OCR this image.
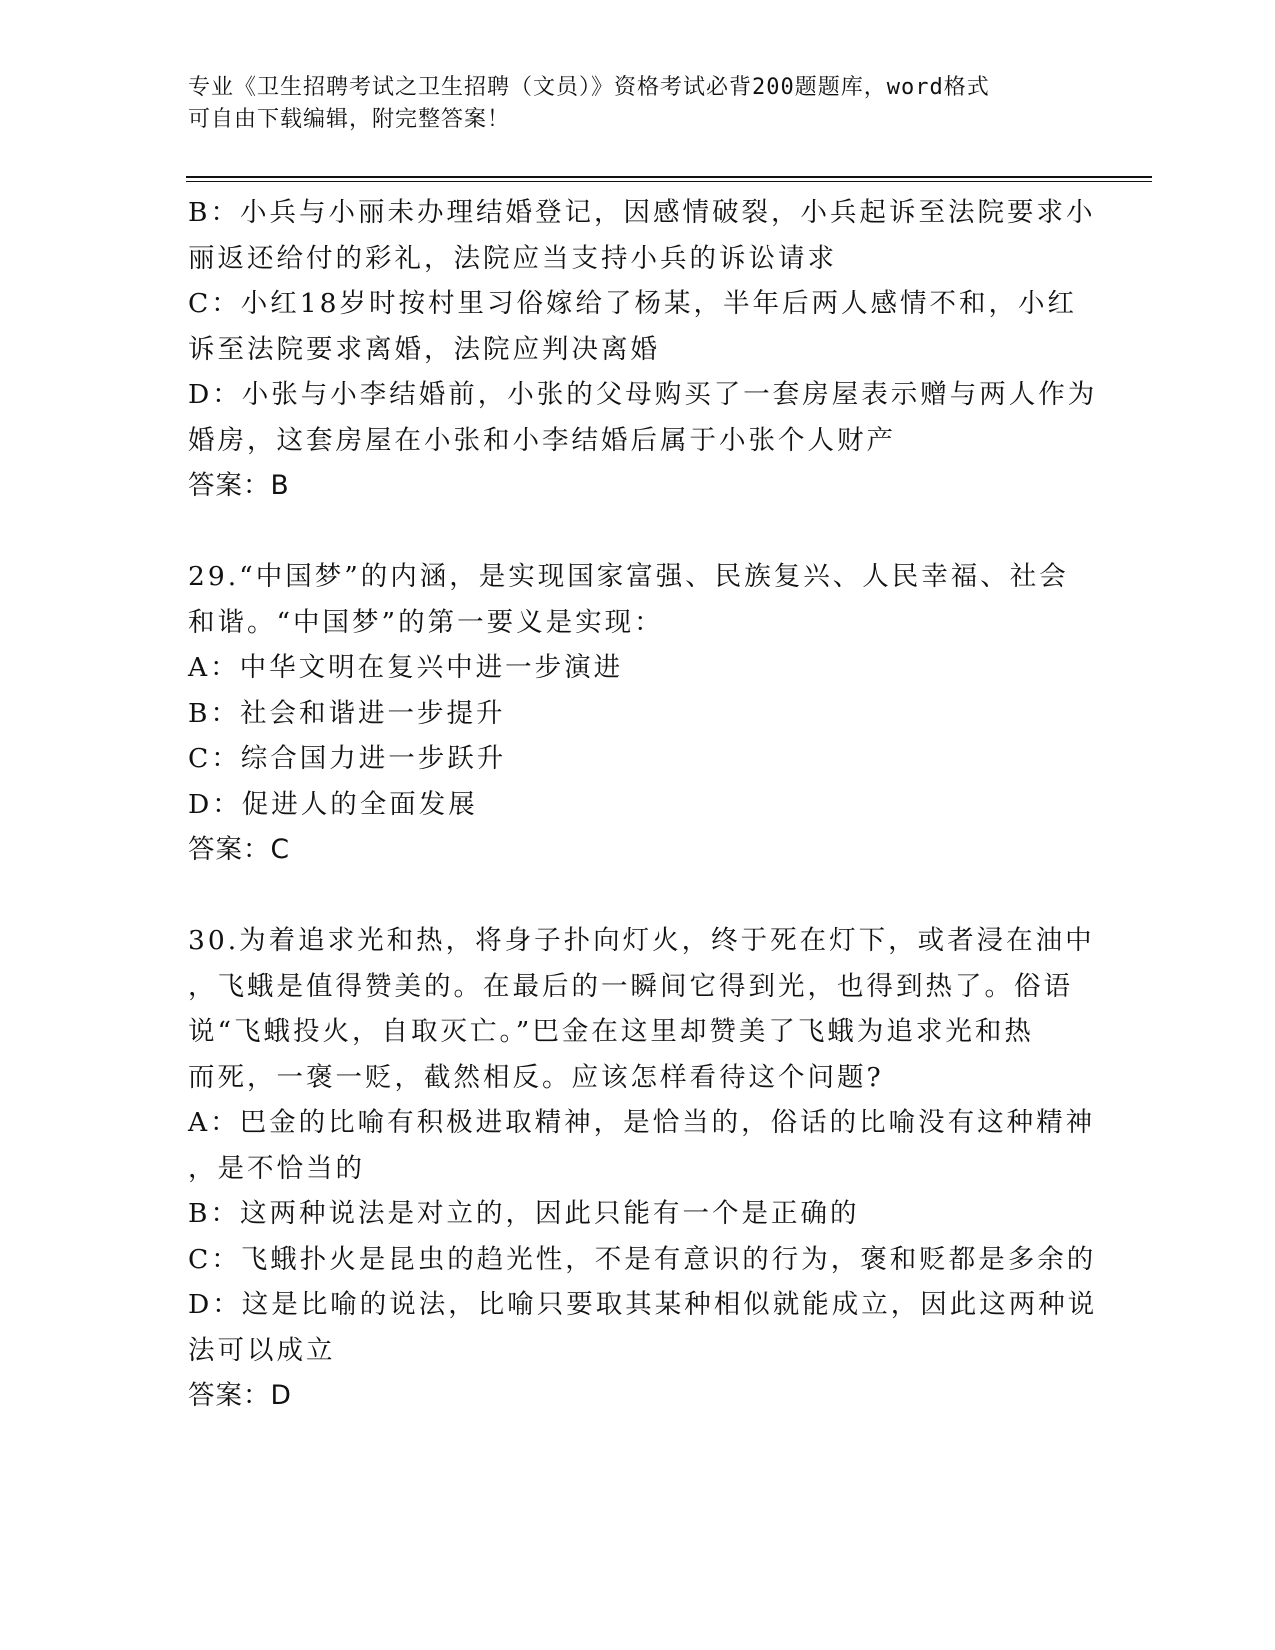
专业《卫生招聘考试之卫生招聘（文员）》资格考试必背200题题库，word格式
可自由下载编辑，附完整答案！
B：小兵与小丽未办理结婚登记，因感情破裂，小兵起诉至法院要求小
丽返还给付的彩礼，法院应当支持小兵的诉讼请求
C：小红18岁时按村里习俗嫁给了杨某，半年后两人感情不和，小红
诉至法院要求离婚，法院应判决离婚
D：小张与小李结婚前，小张的父母购买了一套房屋表示赠与两人作为
婚房，这套房屋在小张和小李结婚后属于小张个人财产
答案：B
29.“中国梦”的内涵，是实现国家富强、民族复兴、人民幸福、社会
和谐。“中国梦”的第一要义是实现：
A：中华文明在复兴中进一步演进
B：社会和谐进一步提升
C：综合国力进一步跃升
D：促进人的全面发展
答案：C
30.为着追求光和热，将身子扑向灯火，终于死在灯下，或者浸在油中
，飞蛾是值得赞美的。在最后的一瞬间它得到光，也得到热了。俗语
说“飞蛾投火，自取灭亡。”巴金在这里却赞美了飞蛾为追求光和热
而死，一褒一贬，截然相反。应该怎样看待这个问题?
A：巴金的比喻有积极进取精神，是恰当的，俗话的比喻没有这种精神
，是不恰当的
B：这两种说法是对立的，因此只能有一个是正确的
C：飞蛾扑火是昆虫的趋光性，不是有意识的行为，褒和贬都是多余的
D：这是比喻的说法，比喻只要取其某种相似就能成立，因此这两种说
法可以成立
答案：D
